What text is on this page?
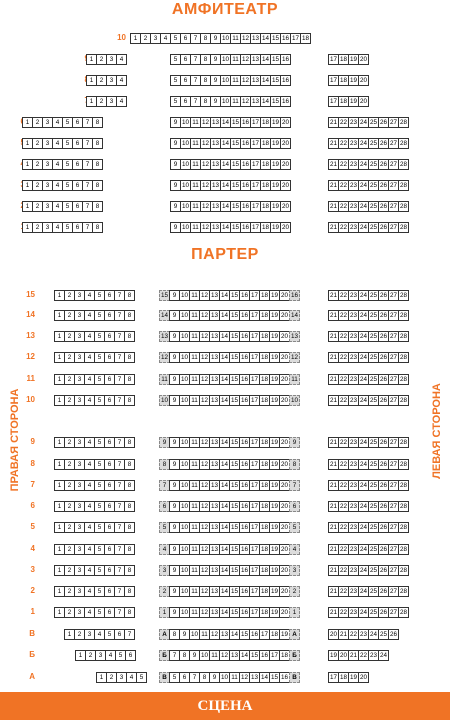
АМФИТЕАТР
ПАРТЕР
ПРАВАЯ СТОРОНА	ЛЕВАЯ СТОРОНА
10	1	2	3	4	5	6	7	8	9 10 11 12 13 14 15 16 17 18
1	2	3	4	5	6	7	8	9 10 11 12 13 14 15 16	17 18 19 20
1	2	3	4	5	6	7	8	9 10 11 12 13 14 15 16	17 18 19 20
1	2	3	4	5	6	7	8	9 10 11 12 13 14 15 16	17 18 19 20
1	2	3	4	5	6	7	8	9 10 11 12 13 14 15 16 17 18 19 20	21 22 23 24 25 26 27 28
1	2	3	4	5	6	7	8	9 10 11 12 13 14 15 16 17 18 19 20	21 22 23 24 25 26 27 28
1	2	3	4	5	6	7	8	9 10 11 12 13 14 15 16 17 18 19 20	21 22 23 24 25 26 27 28
1	2	3	4	5	6	7	8	9 10 11 12 13 14 15 16 17 18 19 20	21 22 23 24 25 26 27 28
1	2	3	4	5	6	7	8	9 10 11 12 13 14 15 16 17 18 19 20	21 22 23 24 25 26 27 28
1	2	3	4	5	6	7	8	9 10 11 12 13 14 15 16 17 18 19 20	21 22 23 24 25 26 27 28
15	1	2	3	4	5	6	7	8	15 9 10 11 12 13 14 15 16 17 18 19 20 16	21 22 23 24 25 26 27 28
14	1	2	3	4	5	6	7	8	14 9 10 11 12 13 14 15 16 17 18 19 20 14	21 22 23 24 25 26 27 28
13	1	2	3	4	5	6	7	8	13 9 10 11 12 13 14 15 16 17 18 19 20 13	21 22 23 24 25 26 27 28
12	1	2	3	4	5	6	7	8	12 9 10 11 12 13 14 15 16 17 18 19 20 12	21 22 23 24 25 26 27 28
11	1	2	3	4	5	6	7	8	11 9 10 11 12 13 14 15 16 17 18 19 20 11	21 22 23 24 25 26 27 28
10	1	2	3	4	5	6	7	8	10 9 10 11 12 13 14 15 16 17 18 19 20 10	21 22 23 24 25 26 27 28
9	1	2	3	4	5	6	7	8	9	9 10 11 12 13 14 15 16 17 18 19 20 9	21 22 23 24 25 26 27 28
8	1	2	3	4	5	6	7	8	8	9 10 11 12 13 14 15 16 17 18 19 20 8	21 22 23 24 25 26 27 28
7	1	2	3	4	5	6	7	8	7	9 10 11 12 13 14 15 16 17 18 19 20 7	21 22 23 24 25 26 27 28
6	1	2	3	4	5	6	7	8	6	9 10 11 12 13 14 15 16 17 18 19 20 6	21 22 23 24 25 26 27 28
5	1	2	3	4	5	6	7	8	5	9 10 11 12 13 14 15 16 17 18 19 20 5	21 22 23 24 25 26 27 28
4	1	2	3	4	5	6	7	8	4	9 10 11 12 13 14 15 16 17 18 19 20 4	21 22 23 24 25 26 27 28
3	1	2	3	4	5	6	7	8	3	9 10 11 12 13 14 15 16 17 18 19 20 3	21 22 23 24 25 26 27 28
2	1	2	3	4	5	6	7	8	2	9 10 11 12 13 14 15 16 17 18 19 20 2	21 22 23 24 25 26 27 28
1	1	2	3	4	5	6	7	8	1	9 10 11 12 13 14 15 16 17 18 19 20 1	21 22 23 24 25 26 27 28
В	1	2	3	4	5	6	7	А 8	9 10 11 12 13 14 15 16 17 18 19 А	20 21 22 23 24 25 26
Б	1	2	3	4	5	6	Б 7	8	9 10 11 12 13 14 15 16 17 18 Б	19 20 21 22 23 24
А	1	2	3	4	5	В 5	6	7	8	9 10 11 12 13 14 15 16 В	17 18 19 20
СЦЕНА
